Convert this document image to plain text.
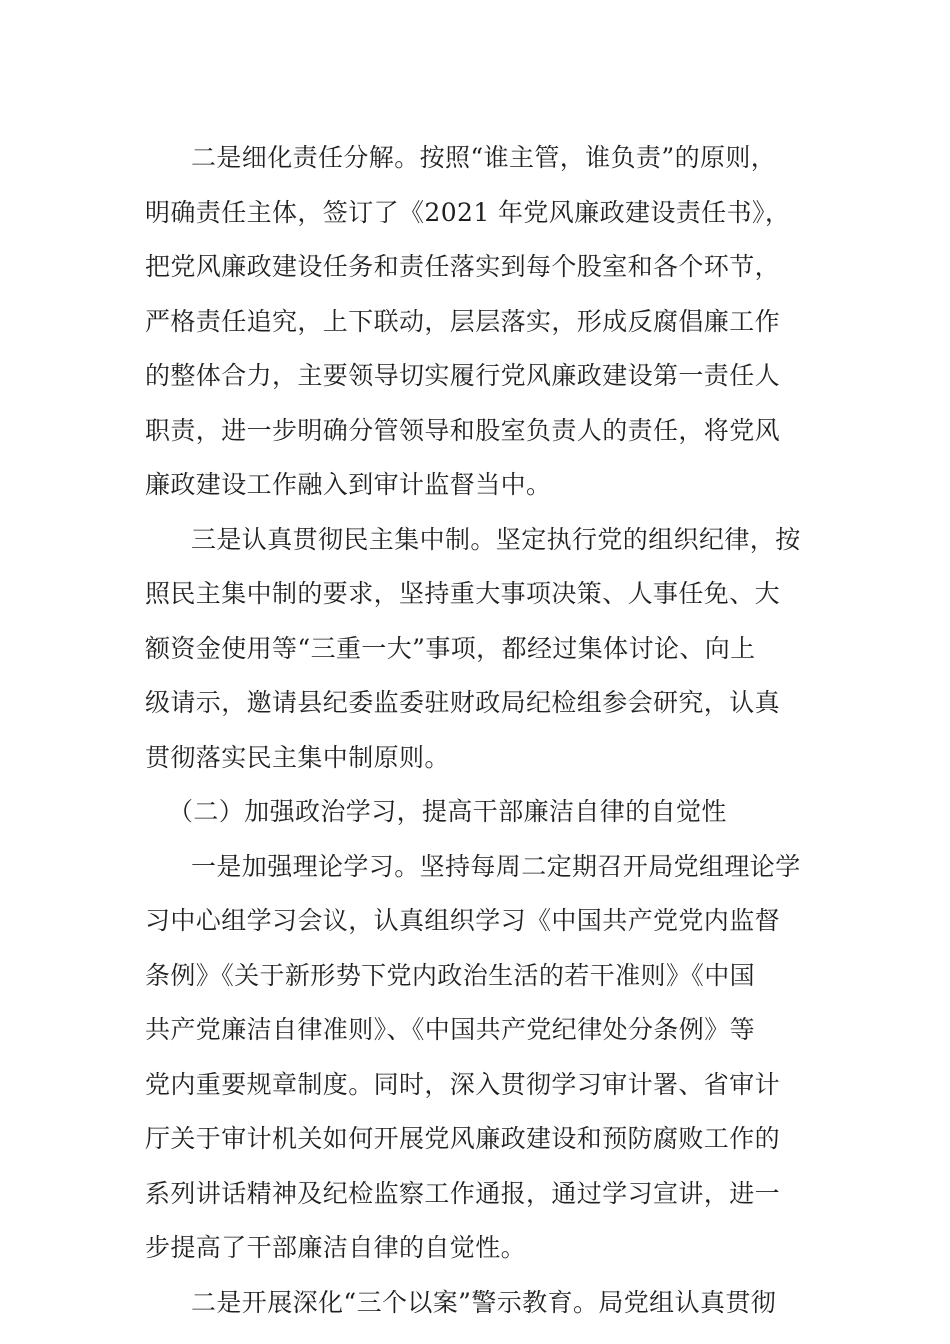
二是细化责任分解。按照“谁主管，谁负责”的原则，
明确责任主体，签订了《2021 年党风廉政建设责任书》，
把党风廉政建设任务和责任落实到每个股室和各个环节，
严格责任追究，上下联动，层层落实，形成反腐倡廉工作
的整体合力，主要领导切实履行党风廉政建设第一责任人
职责，进一步明确分管领导和股室负责人的责任，将党风
廉政建设工作融入到审计监督当中。
三是认真贯彻民主集中制。坚定执行党的组织纪律，按
照民主集中制的要求，坚持重大事项决策、人事任免、大
额资金使用等“三重一大”事项，都经过集体讨论、向上
级请示，邀请县纪委监委驻财政局纪检组参会研究，认真
贯彻落实民主集中制原则。
（二）加强政治学习，提高干部廉洁自律的自觉性
一是加强理论学习。坚持每周二定期召开局党组理论学
习中心组学习会议，认真组织学习《中国共产党党内监督
条例》《关于新形势下党内政治生活的若干准则》《中国
共产党廉洁自律准则》、《中国共产党纪律处分条例》等
党内重要规章制度。同时，深入贯彻学习审计署、省审计
厅关于审计机关如何开展党风廉政建设和预防腐败工作的
系列讲话精神及纪检监察工作通报，通过学习宣讲，进一
步提高了干部廉洁自律的自觉性。
二是开展深化“三个以案”警示教育。局党组认真贯彻
